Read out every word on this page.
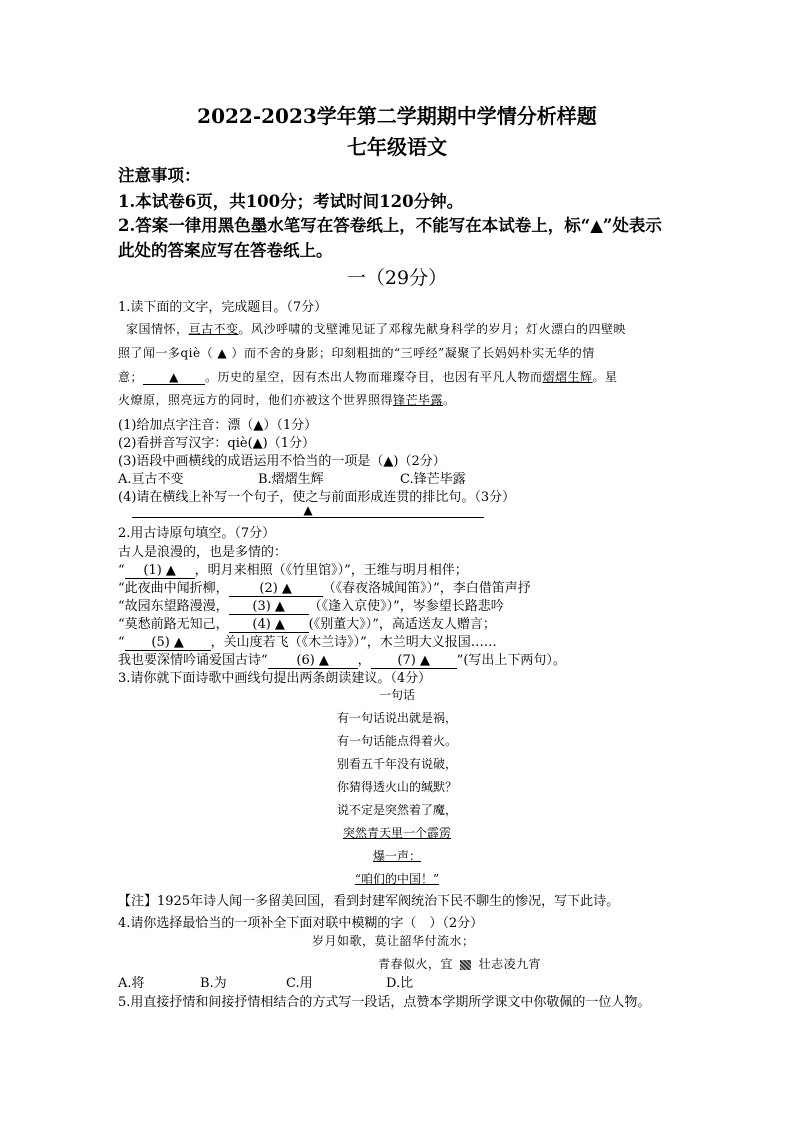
2022-2023学年第二学期期中学情分析样题
七年级语文
注意事项：
1.本试卷6页，共100分；考试时间120分钟。
2.答案一律用黑色墨水笔写在答卷纸上，不能写在本试卷上，标“▲”处表示
此处的答案应写在答卷纸上。
一（29分）
1.读下面的文字，完成题目。（7分）
家国情怀，亘古不变。风沙呼啸的戈壁滩见证了邓稼先献身科学的岁月；灯火漂白的四壁映
照了闻一多qiè（ ▲ ）而不舍的身影；印刻粗拙的“三呼经”凝聚了长妈妈朴实无华的情
意； ▲ 。历史的星空，因有杰出人物而璀璨夺目，也因有平凡人物而熠熠生辉。星
火燎原，照亮远方的同时，他们亦被这个世界照得锋芒毕露。
(1)给加点字注音：漂（▲）（1分）
(2)看拼音写汉字：qiè(▲)（1分）
(3)语段中画横线的成语运用不恰当的一项是（▲)（2分）
A.亘古不变	B.熠熠生辉	C.锋芒毕露
(4)请在横线上补写一个句子，使之与前面形成连贯的排比句。（3分）
▲
2.用古诗原句填空。（7分）
古人是浪漫的，也是多情的：
“ (1) ▲ ，明月来相照（《竹里馆》）”，王维与明月相伴；
“此夜曲中闻折柳， (2) ▲ （《春夜洛城闻笛》）”，李白借笛声抒
“故园东望路漫漫， (3) ▲ （《逢入京使》）”，岑参望长路悲吟
“莫愁前路无知己， (4) ▲ (《别董大》）”，高适送友人赠言；
“ (5) ▲ ，关山度若飞（《木兰诗》）”，木兰明大义报国……
我也要深情吟诵爱国古诗“ (6) ▲ ， (7) ▲ ”(写出上下两句）。
3.请你就下面诗歌中画线句提出两条朗读建议。（4分）
一句话
有一句话说出就是祸，
有一句话能点得着火。
别看五千年没有说破，
你猜得透火山的缄默？
说不定是突然着了魔，
突然青天里一个霹雳
爆一声：
“咱们的中国！”
【注】1925年诗人闻一多留美回国，看到封建军阀统治下民不聊生的惨况，写下此诗。
4.请你选择最恰当的一项补全下面对联中模糊的字（　）（2分）
岁月如歌，莫让韶华付流水；
青春似火，宜 壮志凌九宵
A.将	B.为	C.用	D.比
5.用直接抒情和间接抒情相结合的方式写一段话，点赞本学期所学课文中你敬佩的一位人物。
